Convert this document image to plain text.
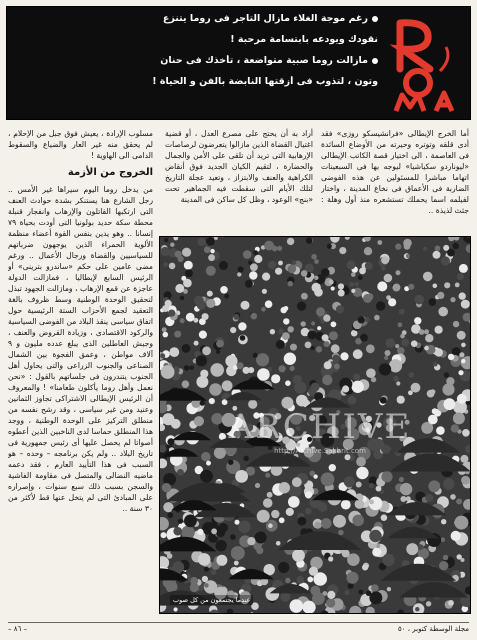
رغم موجة الغلاء مازال التاجر فى روما يتنزع
نقودك ويودعه بابتسامة مرحبة !
مازالت روما صبية متواضعة ، تأخذك فى حنان
وتون ، لتذوب فى أزقتها النابضة بالفن و الحياة !

أما الخرج الإيطالى «فرانشيسكو روزى» فقد أدى قلقه وتوتره وحيرته من الأوضاع السائدة فى العاصمة ، الى اختيار قصة الكاتب الإيطالى «ليوناردو سكياشيا» ليوجه بها فى السبعينات اتهاما مباشرا للمسئولين عن هذه الفوضى الضاربة فى الأعماق فى نخاع المدينة ، واختار لفيلمه اسما يحملك تستشعره منذ أول وهلة : جثث لذيذة ..

أراد به أن يحتج على مصرع العدل ، أو قضية اغتيال القضاة الذين مازالوا يتعرضون لرصاصات الإرهابية التى تريد أن تلقى على الأمن والجمال والحضارة ، لتقيم الكيان الجديد فوق أنقاض الكراهية والعنف والابتزاز ، وتعيد عجلة التاريخ لتلك الأيام التى سقطت فيه الجماهير تحت «بنج» الوعود ، وظل كل ساكن فى المدينة

مسلوب الإرادة ، يعيش فوق جبل من الإحلام ، لم يحقق منه غير العار والضياع والسقوط الدامى الى الهاوية !

الخروج من الأزمة

من يدخل روما اليوم سيراها غير الأمس .. رجل الشارع هنا يستنكر بشدة حوادث العنف التى ارتكبها القاتلون والإرهاب وانفجار قنبلة محطة سكة حديد بولونيا التى أودت بحياة ٧٩ إنسانا .. وهو يدين بنفس القوة أعضاء منظمة الألوية الحمراء الذين يوجهون ضرباتهم للسياسيين والقضاة ورجال الأعمال .. ورغم مضى عامين على حكم «ساندرو بترينى» أو الرئيس السابع لإيطاليا ، فمازالت الدولة عاجزة عن قمع الإرهاب ، ومازالت الجهود تبذل لتحقيق الوحدة الوطنية وسط ظروف بالغة التعقيد لجمع الأحزاب الستة الرئيسية حول اتفاق سياسى ينقذ البلاد من الفوضى السياسية والركود الاقتصادى ، وزيادة القروض والعنف ، وجيش العاطلين الذى يبلغ عدده مليون و ٩ آلاف مواطن ، وعمق الفجوة بين الشمال الصناعى والجنوب الزراعى والتى يحاول أهل الجنوب يتندرون فى جلساتهم بالقول : «نحن نعمل وأهل روما يأكلون طعامنا» ! والمعروف أن الرئيس الإيطالى الاشتراكى تجاوز الثمانين وعنيد ومن غير سياسى ، وقد رشح نفسه من منطلق التركيز على الوحدة الوطنية ، ووجد هذا المنطلق حماسا لدى الناخبين الذين أعطوه أصواتا لم يحصل عليها أى رئيس جمهورية فى تاريخ البلاد .. ولم يكن برنامجه – وحده – هو السبب فى هذا التأييد العارم ، فقد دعمه ماضيه النضالى والمتصل فى مقاومة الفاشية والسجن بسبب ذلك سبع سنوات ، وإصراره على المبادئ التى لم يتخل عنها قط لأكثر من ٣٠ سنة ..

ARCHIVE
http://Archive.Sakhrit.com
عندما يجتمعون من كل صوب
مجلة الوسطة كتوبر ، ٥٠
– ٨٦ –
